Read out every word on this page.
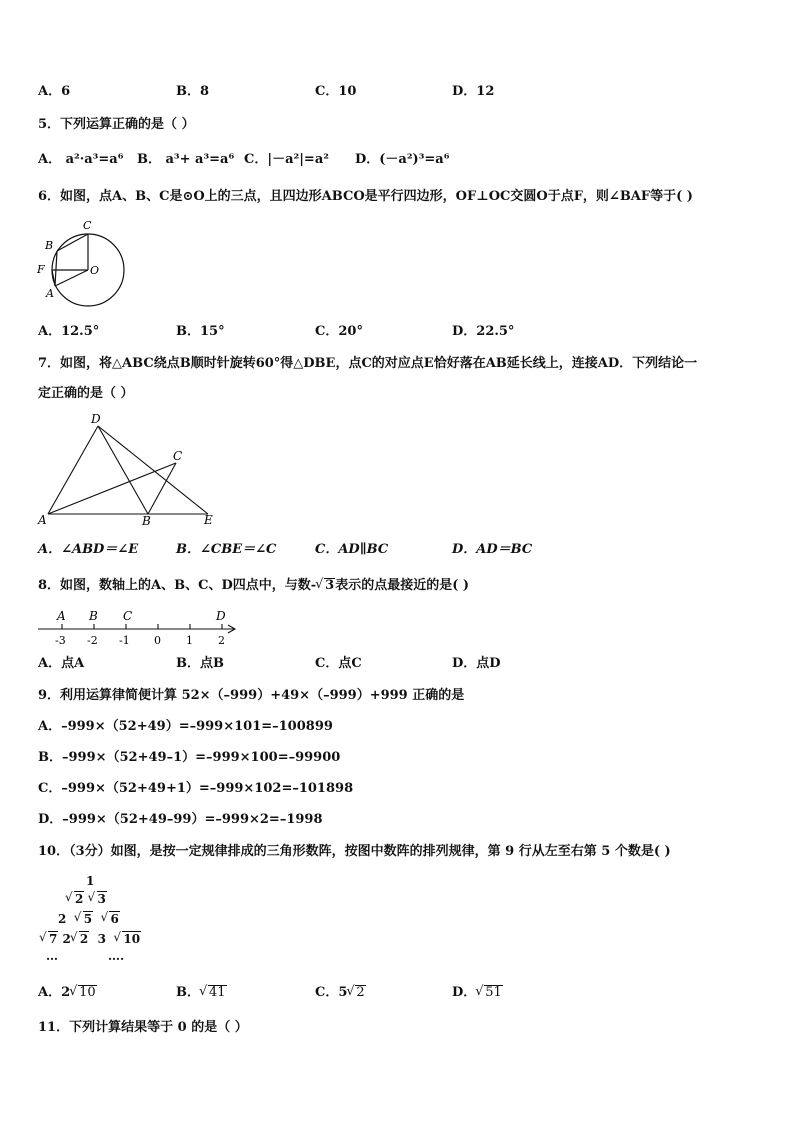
A．6	B．8	C．10	D．12
5．下列运算正确的是（ ）
A． a²·a³=a⁶ B． a³+ a³=a⁶ C．|－a²|=a² D．(－a²)³=a⁶
6．如图，点A、B、C是⊙O上的三点，且四边形ABCO是平行四边形，OF⊥OC交圆O于点F，则∠BAF等于( )
C
B
F	O
A
A．12.5°	B．15°	C．20°	D．22.5°
7．如图，将△ABC绕点B顺时针旋转60°得△DBE，点C的对应点E恰好落在AB延长线上，连接AD．下列结论一
定正确的是（ ）
D
C
A	B	E
A．∠ABD＝∠E	B．∠CBE＝∠C	C．AD∥BC	D．AD＝BC
8．如图，数轴上的A、B、C、D四点中，与数- √ 3表示的点最接近的是( )
A B C	D
-3 -2 -1 0 1 2
A．点A	B．点B	C．点C	D．点D
9．利用运算律简便计算 52×（–999）+49×（–999）+999 正确的是
A．–999×（52+49）=–999×101=–100899
B．–999×（52+49–1）=–999×100=–99900
C．–999×（52+49+1）=–999×102=–101898
D．–999×（52+49–99）=–999×2=–1998
10．（3分）如图，是按一定规律排成的三角形数阵，按图中数阵的排列规律，第 9 行从左至右第 5 个数是( )
1
√ 2 √ 3
2 √ 5 √ 6
√ 7 2 √ 2 3 √ 10
…	….
A．2 √ 10	B． √ 41	C．5 √ 2	D． √ 51
11．下列计算结果等于 0 的是（ ）
